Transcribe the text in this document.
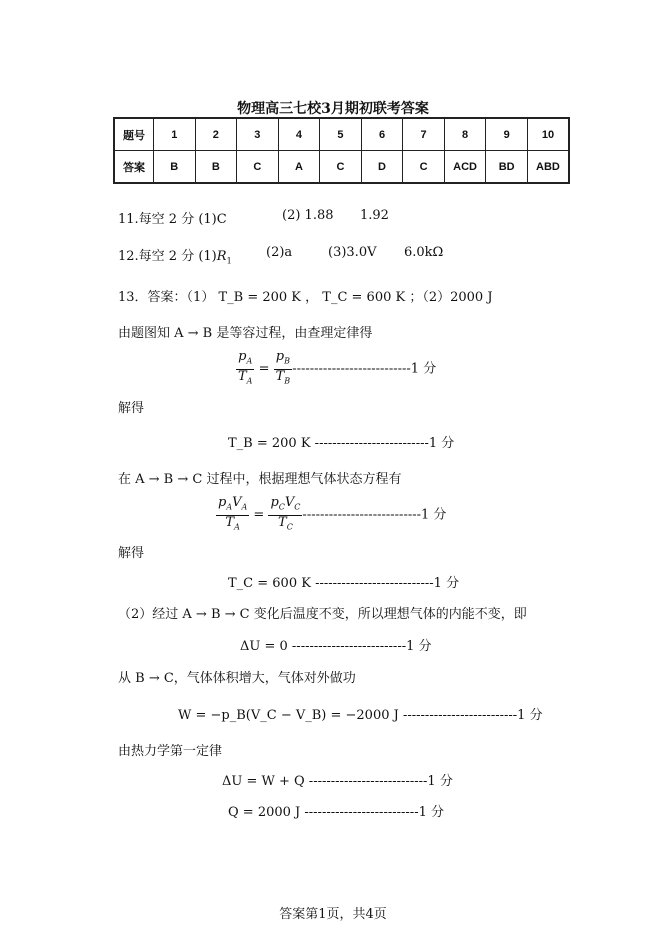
物理高三七校3月期初联考答案
题号	1	2	3	4	5	6	7	8	9	10
答案	B	B	C	A	C	D	C	ACD	BD	ABD
11.每空 2 分 (1)C	(2) 1.88 1.92
12.每空 2 分 $(1)R_1$
(2)a	(3)3.0V 6.0kΩ
13．答案：（1） T_B = 200 K ， T_C = 600 K ；（2）2000 J
由题图知 A → B 是等容过程，由查理定律得
$\frac{p_A}{T_A} = \frac{p_B}{T_B} ---------------------------1$ 分
解得
T_B = 200 K --------------------------1 分
在 A → B → C 过程中，根据理想气体状态方程有
$\frac{p_AV_A}{T_A} = \frac{p_CV_C}{T_C} ---------------------------1$ 分
解得
T_C = 600 K ---------------------------1 分
（2）经过 A → B → C 变化后温度不变，所以理想气体的内能不变，即
ΔU = 0 --------------------------1 分
从 B → C，气体体积增大，气体对外做功
W = −p_B(V_C − V_B) = −2000 J --------------------------1 分
由热力学第一定律
ΔU = W + Q ---------------------------1 分
Q = 2000 J --------------------------1 分
答案第1页，共4页
